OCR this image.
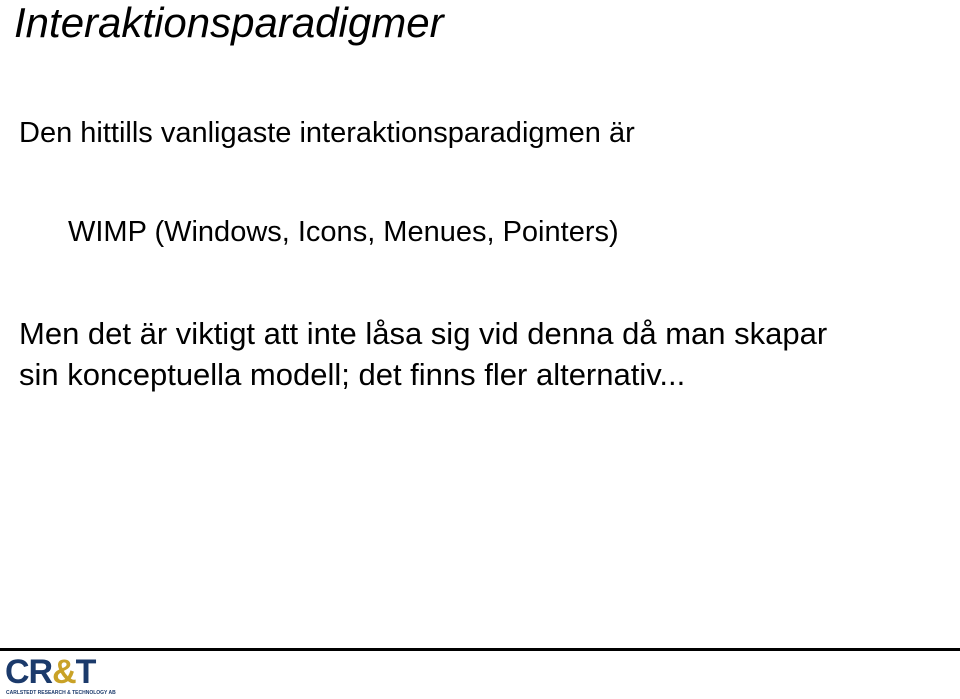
Interaktionsparadigmer

Den hittills vanligaste interaktionsparadigmen är

WIMP (Windows, Icons, Menues, Pointers)

Men det är viktigt att inte låsa sig vid denna då man skapar
sin konceptuella modell; det finns fler alternativ...

CR&T
CARLSTEDT RESEARCH & TECHNOLOGY AB
